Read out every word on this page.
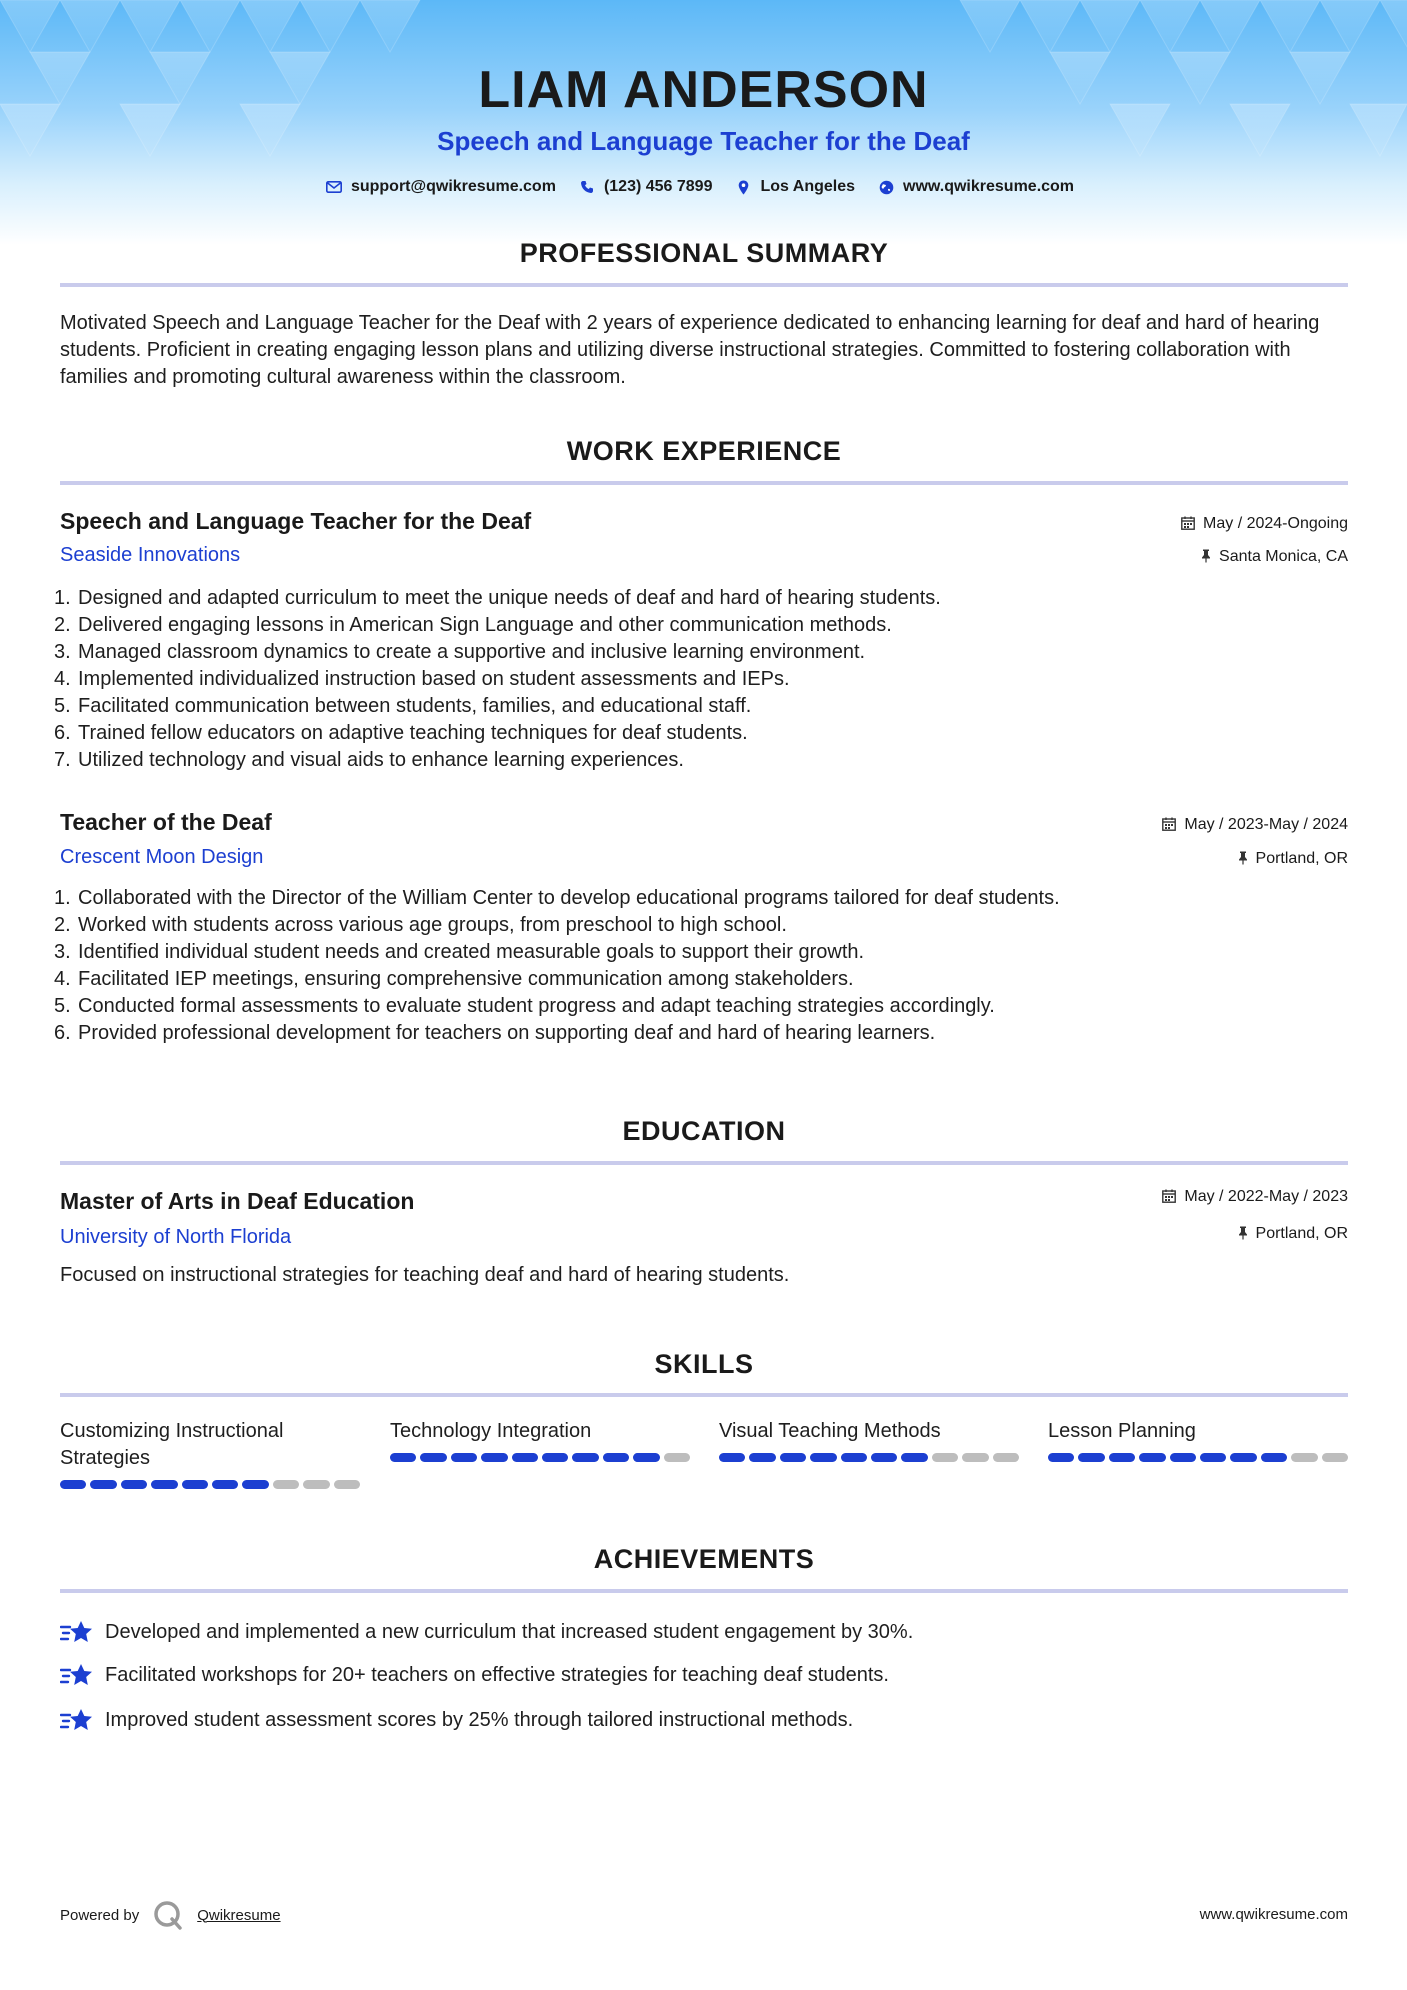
LIAM ANDERSON
Speech and Language Teacher for the Deaf
support@qwikresume.com	(123) 456 7899	Los Angeles	www.qwikresume.com
PROFESSIONAL SUMMARY
Motivated Speech and Language Teacher for the Deaf with 2 years of experience dedicated to enhancing learning for deaf and hard of hearing students. Proficient in creating engaging lesson plans and utilizing diverse instructional strategies. Committed to fostering collaboration with families and promoting cultural awareness within the classroom.
WORK EXPERIENCE
Speech and Language Teacher for the Deaf
Seaside Innovations
May / 2024-Ongoing
Santa Monica, CA
1. Designed and adapted curriculum to meet the unique needs of deaf and hard of hearing students.
2. Delivered engaging lessons in American Sign Language and other communication methods.
3. Managed classroom dynamics to create a supportive and inclusive learning environment.
4. Implemented individualized instruction based on student assessments and IEPs.
5. Facilitated communication between students, families, and educational staff.
6. Trained fellow educators on adaptive teaching techniques for deaf students.
7. Utilized technology and visual aids to enhance learning experiences.
Teacher of the Deaf
Crescent Moon Design
May / 2023-May / 2024
Portland, OR
1. Collaborated with the Director of the William Center to develop educational programs tailored for deaf students.
2. Worked with students across various age groups, from preschool to high school.
3. Identified individual student needs and created measurable goals to support their growth.
4. Facilitated IEP meetings, ensuring comprehensive communication among stakeholders.
5. Conducted formal assessments to evaluate student progress and adapt teaching strategies accordingly.
6. Provided professional development for teachers on supporting deaf and hard of hearing learners.
EDUCATION
Master of Arts in Deaf Education
University of North Florida
May / 2022-May / 2023
Portland, OR
Focused on instructional strategies for teaching deaf and hard of hearing students.
SKILLS
Customizing Instructional Strategies
Technology Integration	Visual Teaching Methods	Lesson Planning
ACHIEVEMENTS
Developed and implemented a new curriculum that increased student engagement by 30%.
Facilitated workshops for 20+ teachers on effective strategies for teaching deaf students.
Improved student assessment scores by 25% through tailored instructional methods.
Powered by	Qwikresume	www.qwikresume.com
